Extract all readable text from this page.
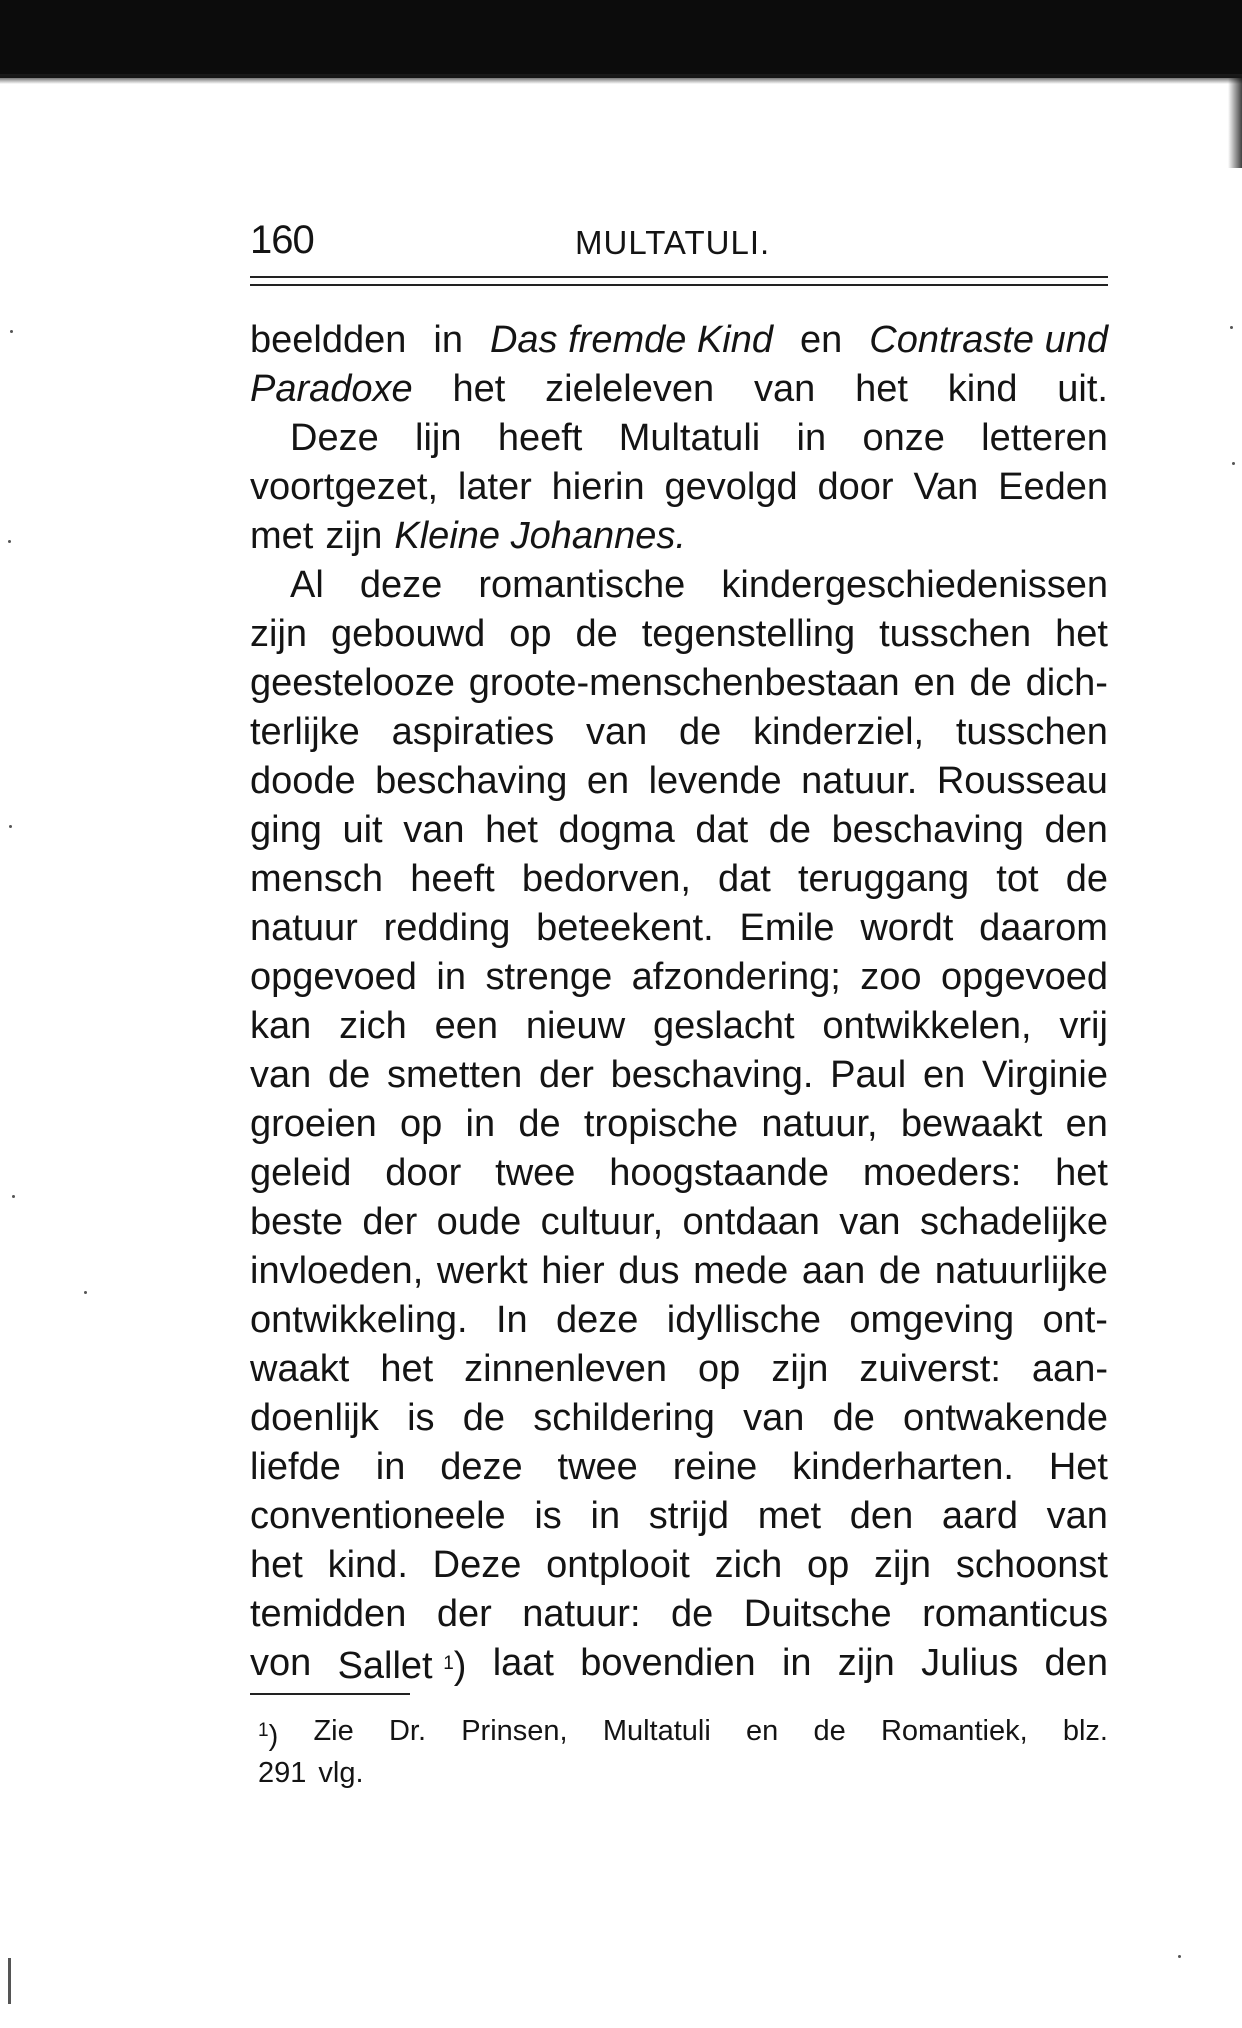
160	MULTATULI.
beeldden in Das fremde Kind en Contraste und
Paradoxe het zieleleven van het kind uit.
Deze lijn heeft Multatuli in onze letteren
voortgezet, later hierin gevolgd door Van Eeden
met zijn Kleine Johannes.
Al deze romantische kindergeschiedenissen
zijn gebouwd op de tegenstelling tusschen het
geestelooze groote-menschenbestaan en de dich-
terlijke aspiraties van de kinderziel, tusschen
doode beschaving en levende natuur. Rousseau
ging uit van het dogma dat de beschaving den
mensch heeft bedorven, dat teruggang tot de
natuur redding beteekent. Emile wordt daarom
opgevoed in strenge afzondering; zoo opgevoed
kan zich een nieuw geslacht ontwikkelen, vrij
van de smetten der beschaving. Paul en Virginie
groeien op in de tropische natuur, bewaakt en
geleid door twee hoogstaande moeders: het
beste der oude cultuur, ontdaan van schadelijke
invloeden, werkt hier dus mede aan de natuurlijke
ontwikkeling. In deze idyllische omgeving ont-
waakt het zinnenleven op zijn zuiverst: aan-
doenlijk is de schildering van de ontwakende
liefde in deze twee reine kinderharten. Het
conventioneele is in strijd met den aard van
het kind. Deze ontplooit zich op zijn schoonst
temidden der natuur: de Duitsche romanticus
von Sallet $^1$) laat bovendien in zijn Julius den
$^1$) Zie Dr. Prinsen, Multatuli en de Romantiek, blz.
291 vlg.
